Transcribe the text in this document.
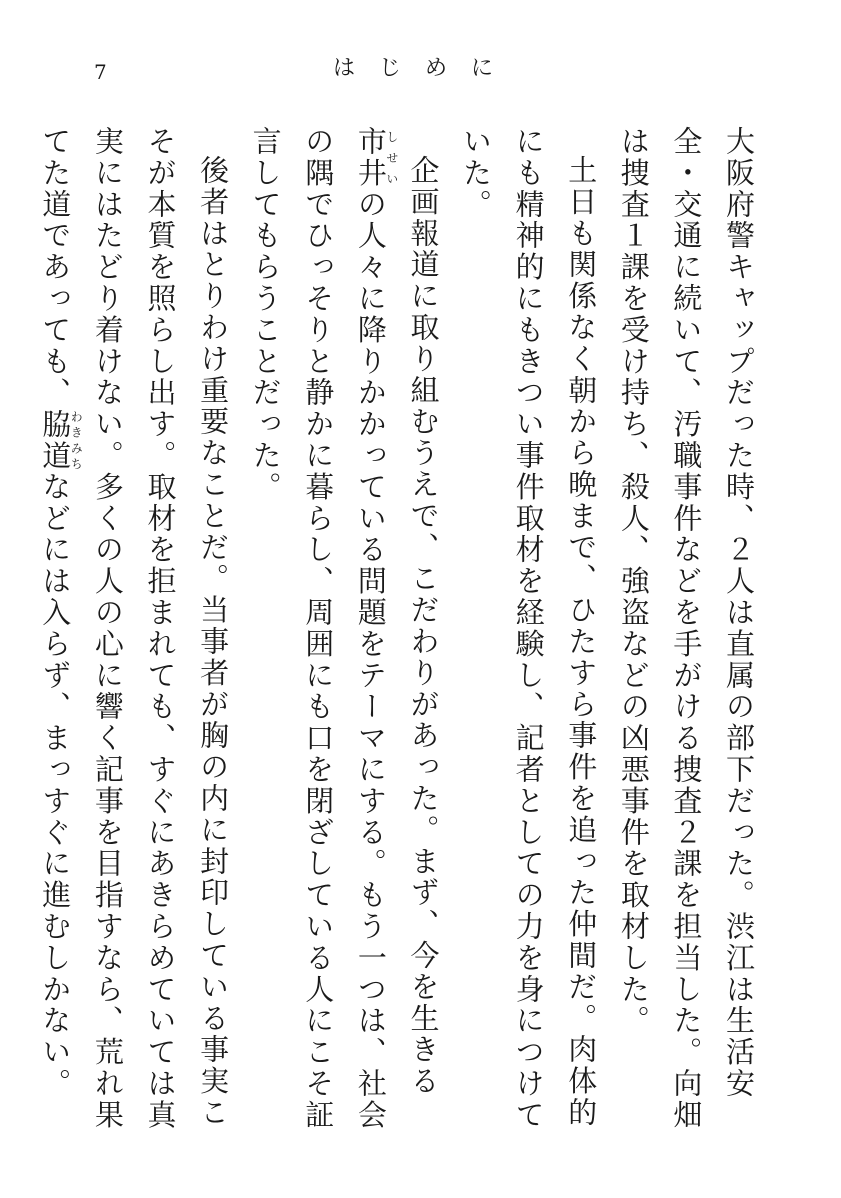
7	はじめに

大阪府警キャップだった時、２人は直属の部下だった。渋江は生活安全・交通に続いて、汚職事件などを手がける捜査２課を担当した。向畑は捜査１課を受け持ち、殺人、強盗などの凶悪事件を取材した。

土日も関係なく朝から晩まで、ひたすら事件を追った仲間だ。肉体的にも精神的にもきつい事件取材を経験し、記者としての力を身につけていた。

企画報道に取り組むうえで、こだわりがあった。まず、今を生きる市井しせいの人々に降りかかっている問題をテーマにする。もう一つは、社会の隅でひっそりと静かに暮らし、周囲にも口を閉ざしている人にこそ証言してもらうことだった。

後者はとりわけ重要なことだ。当事者が胸の内に封印している事実こそが本質を照らし出す。取材を拒まれても、すぐにあきらめていては真実にはたどり着けない。多くの人の心に響く記事を目指すなら、荒れ果てた道であっても、脇道わきみちなどには入らず、まっすぐに進むしかない。
